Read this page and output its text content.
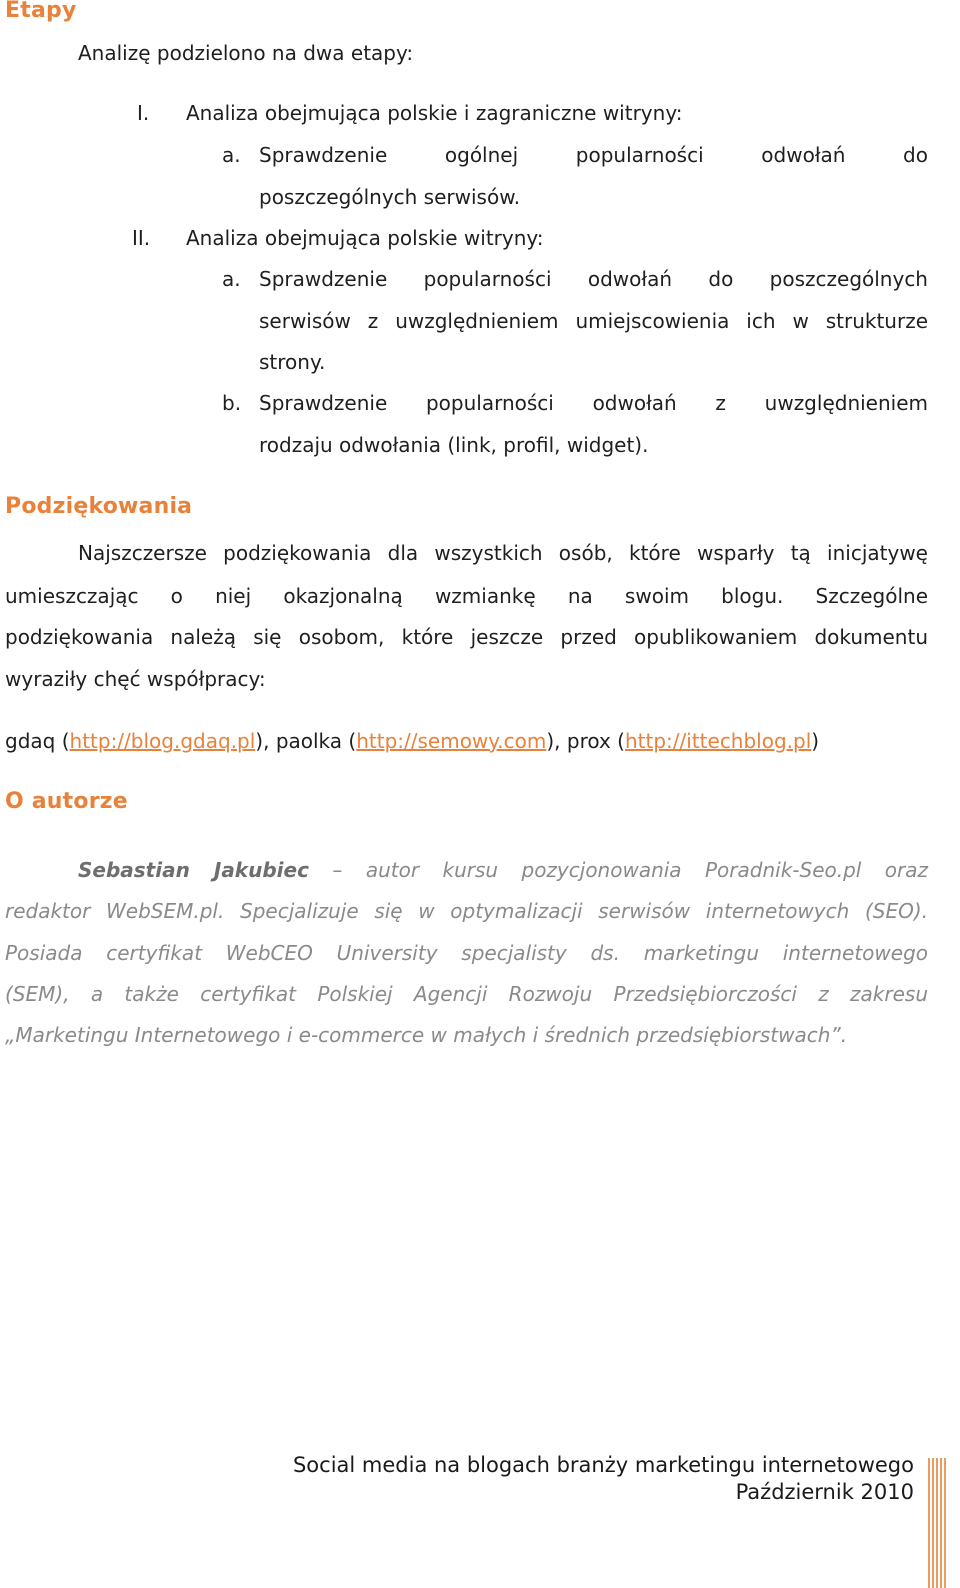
Etapy

Analizę podzielono na dwa etapy:

I. Analiza obejmująca polskie i zagraniczne witryny:

a. Sprawdzenie ogólnej popularności odwołań do

poszczególnych serwisów.

II. Analiza obejmująca polskie witryny:

a. Sprawdzenie popularności odwołań do poszczególnych

serwisów z uwzględnieniem umiejscowienia ich w strukturze

strony.

b. Sprawdzenie popularności odwołań z uwzględnieniem

rodzaju odwołania (link, profil, widget).

Podziękowania

Najszczersze podziękowania dla wszystkich osób, które wsparły tą inicjatywę

umieszczając o niej okazjonalną wzmiankę na swoim blogu. Szczególne

podziękowania należą się osobom, które jeszcze przed opublikowaniem dokumentu

wyraziły chęć współpracy:

gdaq (http://blog.gdaq.pl), paolka (http://semowy.com), prox (http://ittechblog.pl)

O autorze

Sebastian Jakubiec – autor kursu pozycjonowania Poradnik-Seo.pl oraz

redaktor WebSEM.pl. Specjalizuje się w optymalizacji serwisów internetowych (SEO).

Posiada certyfikat WebCEO University specjalisty ds. marketingu internetowego

(SEM), a także certyfikat Polskiej Agencji Rozwoju Przedsiębiorczości z zakresu

„Marketingu Internetowego i e-commerce w małych i średnich przedsiębiorstwach”.

Social media na blogach branży marketingu internetowego
Październik 2010
